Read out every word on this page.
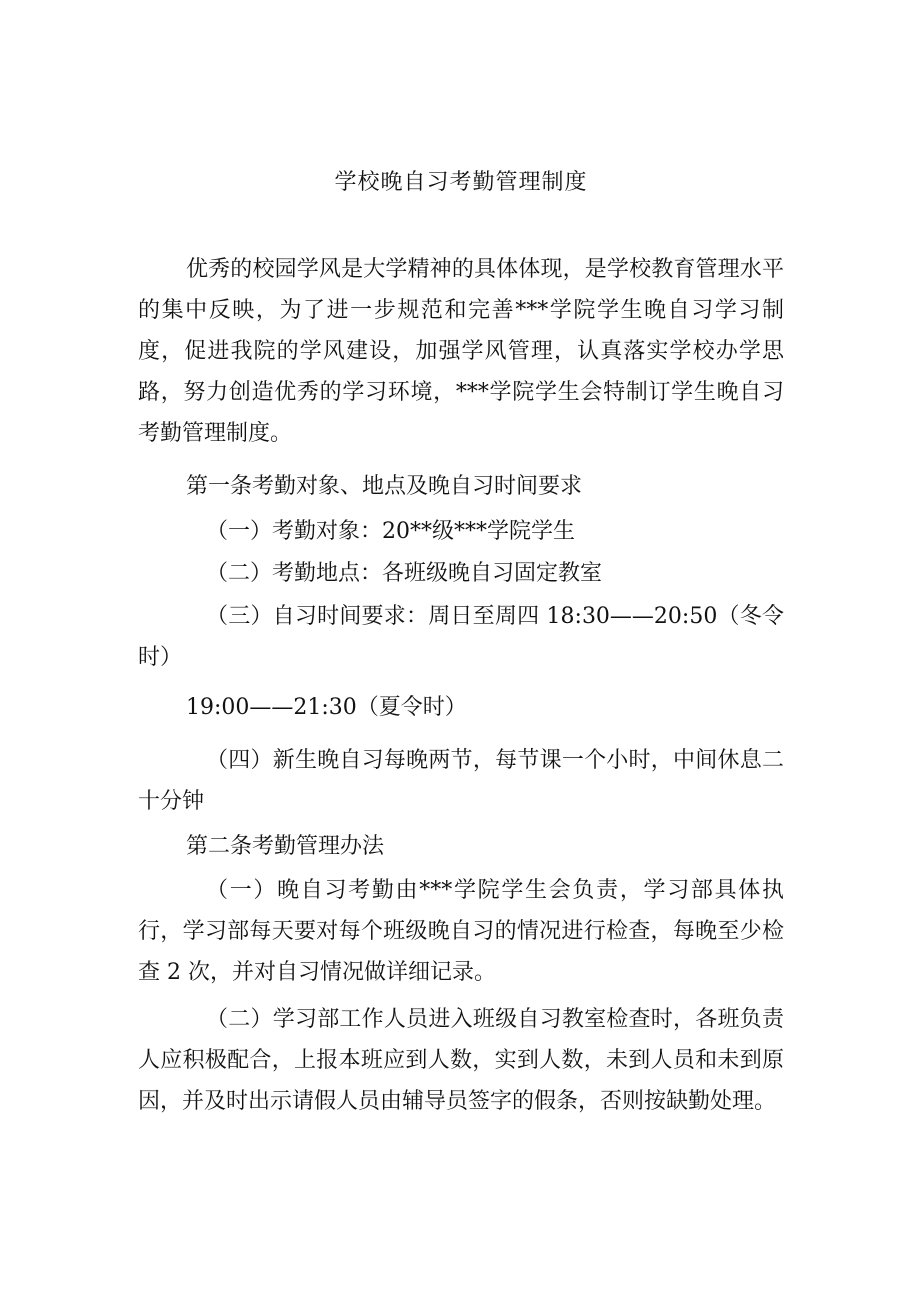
学校晚自习考勤管理制度

优秀的校园学风是大学精神的具体体现，是学校教育管理水平的集中反映，为了进一步规范和完善***学院学生晚自习学习制度，促进我院的学风建设，加强学风管理，认真落实学校办学思路，努力创造优秀的学习环境，***学院学生会特制订学生晚自习考勤管理制度。

第一条考勤对象、地点及晚自习时间要求

（一）考勤对象：20**级***学院学生

（二）考勤地点：各班级晚自习固定教室

（三）自习时间要求：周日至周四 18:30——20:50（冬令时）

19:00——21:30（夏令时）

（四）新生晚自习每晚两节，每节课一个小时，中间休息二十分钟

第二条考勤管理办法

（一）晚自习考勤由***学院学生会负责，学习部具体执行，学习部每天要对每个班级晚自习的情况进行检查，每晚至少检查 2 次，并对自习情况做详细记录。

（二）学习部工作人员进入班级自习教室检查时，各班负责人应积极配合，上报本班应到人数，实到人数，未到人员和未到原因，并及时出示请假人员由辅导员签字的假条，否则按缺勤处理。
